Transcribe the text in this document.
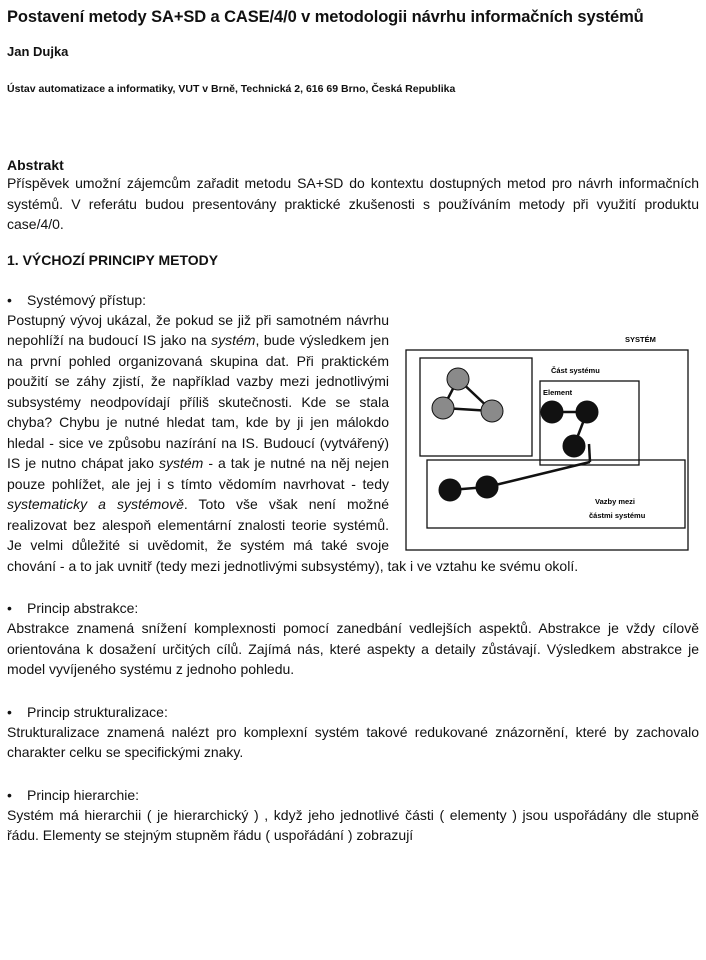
Postavení metody SA+SD a CASE/4/0 v metodologii návrhu informačních systémů
Jan Dujka
Ústav automatizace a informatiky, VUT v Brně, Technická 2, 616 69 Brno, Česká Republika
Abstrakt

Příspěvek umožní zájemcům zařadit metodu SA+SD do kontextu dostupných metod pro návrh informačních systémů. V referátu budou presentovány praktické zkušenosti s používáním metody při využití produktu case/4/0.

1. VÝCHOZÍ PRINCIPY METODY
• Systémový přístup:
SYSTÉM
Část systému
Element
Vazby mezi
částmi systému

Postupný vývoj ukázal, že pokud se již při samotném návrhu nepohlíží na budoucí IS jako na systém, bude výsledkem jen na první pohled organizovaná skupina dat. Při praktickém použití se záhy zjistí, že například vazby mezi jednotlivými subsystémy neodpovídají příliš skutečnosti. Kde se stala chyba? Chybu je nutné hledat tam, kde by ji jen málokdo hledal - sice ve způsobu nazírání na IS. Budoucí (vytvářený) IS je nutno chápat jako systém - a tak je nutné na něj nejen pouze pohlížet, ale jej i s tímto vědomím navrhovat - tedy systematicky a systémově. Toto vše však není možné realizovat bez alespoň elementární znalosti teorie systémů. Je velmi důležité si uvědomit, že systém má také svoje chování - a to jak uvnitř (tedy mezi jednotlivými subsystémy), tak i ve vztahu ke svému okolí.

• Princip abstrakce:

Abstrakce znamená snížení komplexnosti pomocí zanedbání vedlejších aspektů. Abstrakce je vždy cílově orientována k dosažení určitých cílů. Zajímá nás, které aspekty a detaily zůstávají. Výsledkem abstrakce je model vyvíjeného systému z jednoho pohledu.

• Princip strukturalizace:

Strukturalizace znamená nalézt pro komplexní systém takové redukované znázornění, které by zachovalo charakter celku se specifickými znaky.

• Princip hierarchie:

Systém má hierarchii ( je hierarchický ) , když jeho jednotlivé části ( elementy ) jsou uspořádány dle stupně řádu. Elementy se stejným stupněm řádu ( uspořádání ) zobrazují
